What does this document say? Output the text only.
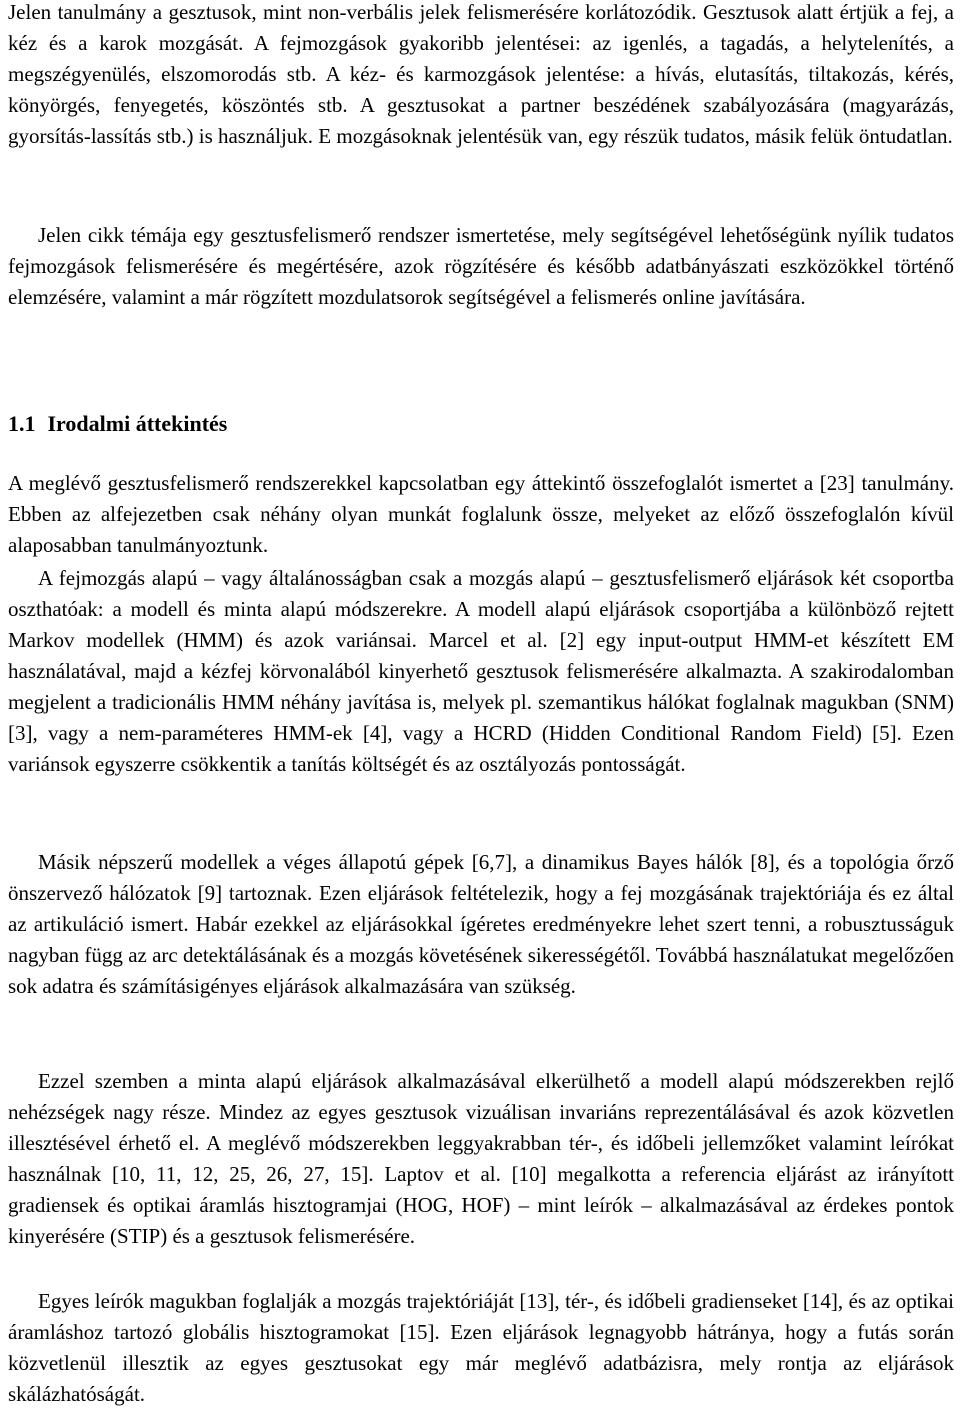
Jelen tanulmány a gesztusok, mint non-verbális jelek felismerésére korlátozódik. Gesztusok alatt értjük a fej, a kéz és a karok mozgását. A fejmozgások gyakoribb jelentései: az igenlés, a tagadás, a helytelenítés, a megszégyenülés, elszomorodás stb. A kéz- és karmozgások jelentése: a hívás, elutasítás, tiltakozás, kérés, könyörgés, fenyegetés, köszöntés stb. A gesztusokat a partner beszédének szabályozására (magyarázás, gyorsítás-lassítás stb.) is használjuk. E mozgásoknak jelentésük van, egy részük tudatos, másik felük öntudatlan.

Jelen cikk témája egy gesztusfelismerő rendszer ismertetése, mely segítségével lehetőségünk nyílik tudatos fejmozgások felismerésére és megértésére, azok rögzítésére és később adatbányászati eszközökkel történő elemzésére, valamint a már rögzített mozdulatsorok segítségével a felismerés online javítására.

1.1 Irodalmi áttekintés

A meglévő gesztusfelismerő rendszerekkel kapcsolatban egy áttekintő összefoglalót ismertet a [23] tanulmány. Ebben az alfejezetben csak néhány olyan munkát foglalunk össze, melyeket az előző összefoglalón kívül alaposabban tanulmányoztunk.

A fejmozgás alapú – vagy általánosságban csak a mozgás alapú – gesztusfelismerő eljárások két csoportba oszthatóak: a modell és minta alapú módszerekre. A modell alapú eljárások csoportjába a különböző rejtett Markov modellek (HMM) és azok variánsai. Marcel et al. [2] egy input-output HMM-et készített EM használatával, majd a kézfej körvonalából kinyerhető gesztusok felismerésére alkalmazta. A szakirodalomban megjelent a tradicionális HMM néhány javítása is, melyek pl. szemantikus hálókat foglalnak magukban (SNM) [3], vagy a nem-paraméteres HMM-ek [4], vagy a HCRD (Hidden Conditional Random Field) [5]. Ezen variánsok egyszerre csökkentik a tanítás költségét és az osztályozás pontosságát.

Másik népszerű modellek a véges állapotú gépek [6,7], a dinamikus Bayes hálók [8], és a topológia őrző önszervező hálózatok [9] tartoznak. Ezen eljárások feltételezik, hogy a fej mozgásának trajektóriája és ez által az artikuláció ismert. Habár ezekkel az eljárásokkal ígéretes eredményekre lehet szert tenni, a robusztusságuk nagyban függ az arc detektálásának és a mozgás követésének sikerességétől. Továbbá használatukat megelőzően sok adatra és számításigényes eljárások alkalmazására van szükség.

Ezzel szemben a minta alapú eljárások alkalmazásával elkerülhető a modell alapú módszerekben rejlő nehézségek nagy része. Mindez az egyes gesztusok vizuálisan invariáns reprezentálásával és azok közvetlen illesztésével érhető el. A meglévő módszerekben leggyakrabban tér-, és időbeli jellemzőket valamint leírókat használnak [10, 11, 12, 25, 26, 27, 15]. Laptov et al. [10] megalkotta a referencia eljárást az irányított gradiensek és optikai áramlás hisztogramjai (HOG, HOF) – mint leírók – alkalmazásával az érdekes pontok kinyerésére (STIP) és a gesztusok felismerésére.

Egyes leírók magukban foglalják a mozgás trajektóriáját [13], tér-, és időbeli gradienseket [14], és az optikai áramláshoz tartozó globális hisztogramokat [15]. Ezen eljárások legnagyobb hátránya, hogy a futás során közvetlenül illesztik az egyes gesztusokat egy már meglévő adatbázisra, mely rontja az eljárások skálázhatóságát.
